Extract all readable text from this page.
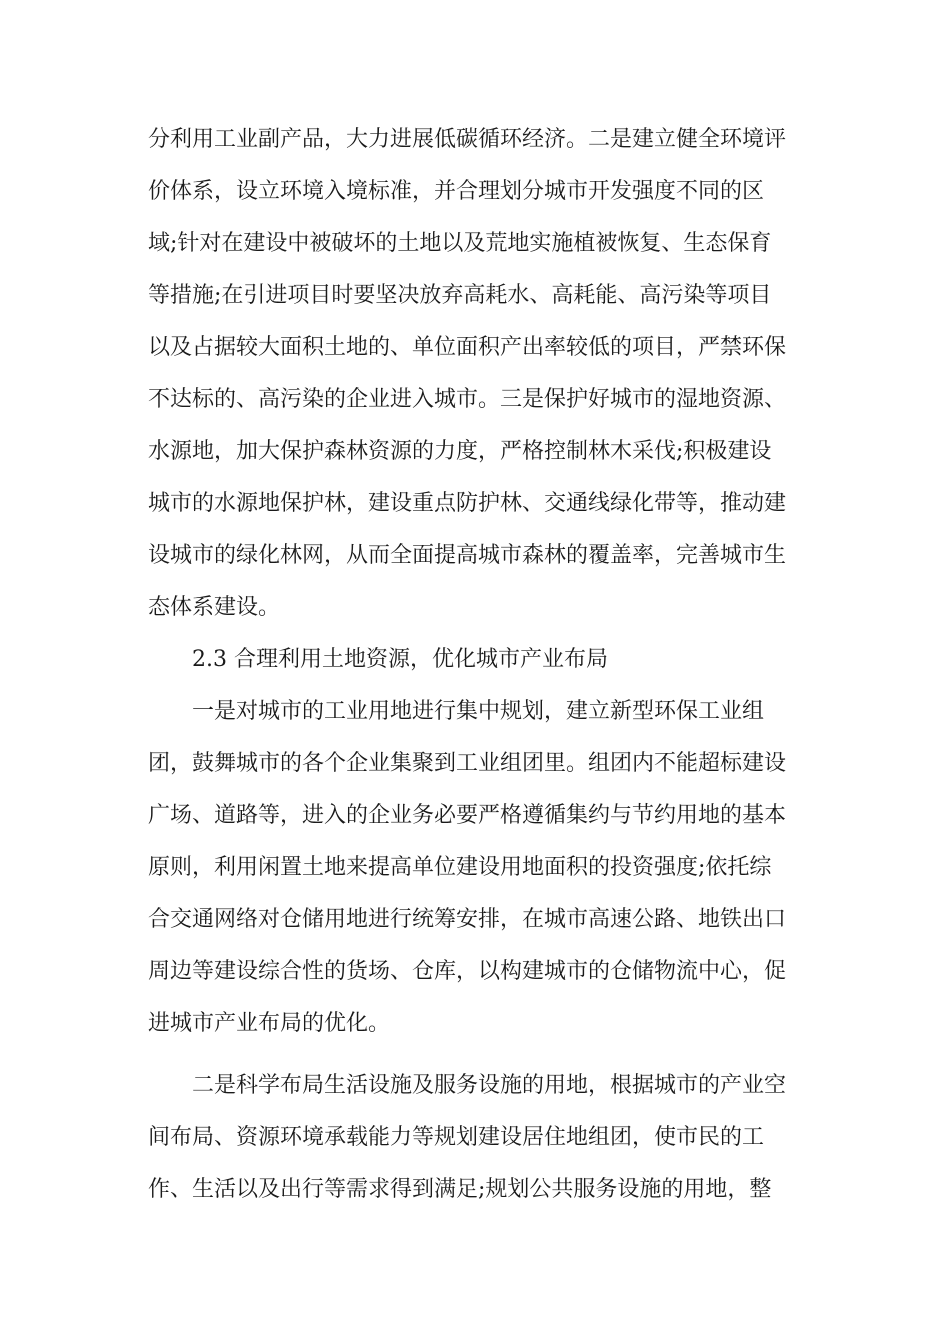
分利用工业副产品，大力进展低碳循环经济。二是建立健全环境评
价体系，设立环境入境标准，并合理划分城市开发强度不同的区
域;针对在建设中被破坏的土地以及荒地实施植被恢复、生态保育
等措施;在引进项目时要坚决放弃高耗水、高耗能、高污染等项目
以及占据较大面积土地的、单位面积产出率较低的项目，严禁环保
不达标的、高污染的企业进入城市。三是保护好城市的湿地资源、
水源地，加大保护森林资源的力度，严格控制林木采伐;积极建设
城市的水源地保护林，建设重点防护林、交通线绿化带等，推动建
设城市的绿化林网，从而全面提高城市森林的覆盖率，完善城市生
态体系建设。
2.3 合理利用土地资源，优化城市产业布局
一是对城市的工业用地进行集中规划，建立新型环保工业组
团，鼓舞城市的各个企业集聚到工业组团里。组团内不能超标建设
广场、道路等，进入的企业务必要严格遵循集约与节约用地的基本
原则，利用闲置土地来提高单位建设用地面积的投资强度;依托综
合交通网络对仓储用地进行统筹安排，在城市高速公路、地铁出口
周边等建设综合性的货场、仓库，以构建城市的仓储物流中心，促
进城市产业布局的优化。
二是科学布局生活设施及服务设施的用地，根据城市的产业空
间布局、资源环境承载能力等规划建设居住地组团，使市民的工
作、生活以及出行等需求得到满足;规划公共服务设施的用地，整
